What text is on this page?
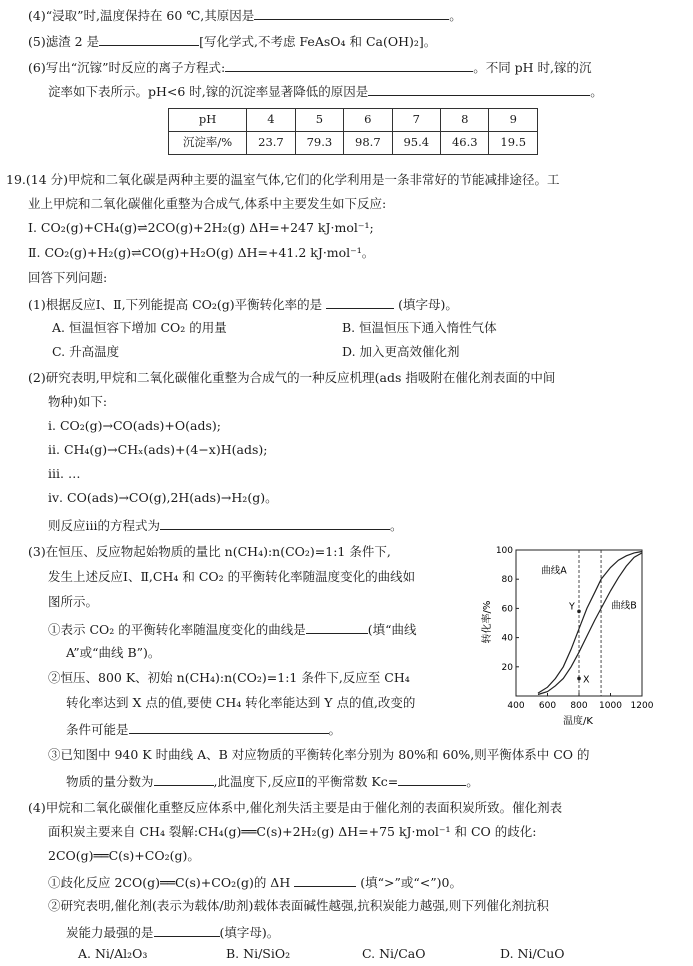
(4)“浸取”时,温度保持在 60 ℃,其原因是	。
(5)滤渣 2 是	[写化学式,不考虑 FeAsO₄ 和 Ca(OH)₂]。
(6)写出“沉镓”时反应的离子方程式:	。不同 pH 时,镓的沉
淀率如下表所示。pH<6 时,镓的沉淀率显著降低的原因是	。
pH	4	5	6	7	8	9
沉淀率/%	23.7	79.3	98.7	95.4	46.3	19.5
19.(14 分)甲烷和二氧化碳是两种主要的温室气体,它们的化学利用是一条非常好的节能减排途径。工
业上甲烷和二氧化碳催化重整为合成气,体系中主要发生如下反应:
Ⅰ. CO₂(g)+CH₄(g)⇌2CO(g)+2H₂(g) ΔH=+247 kJ·mol⁻¹;
Ⅱ. CO₂(g)+H₂(g)⇌CO(g)+H₂O(g) ΔH=+41.2 kJ·mol⁻¹。
回答下列问题:
(1)根据反应Ⅰ、Ⅱ,下列能提高 CO₂(g)平衡转化率的是	(填字母)。
A. 恒温恒容下增加 CO₂ 的用量	B. 恒温恒压下通入惰性气体
C. 升高温度	D. 加入更高效催化剂
(2)研究表明,甲烷和二氧化碳催化重整为合成气的一种反应机理(ads 指吸附在催化剂表面的中间
物种)如下:
ⅰ. CO₂(g)→CO(ads)+O(ads);
ⅱ. CH₄(g)→CHₓ(ads)+(4−x)H(ads);
ⅲ. …
ⅳ. CO(ads)→CO(g),2H(ads)→H₂(g)。
则反应ⅲ的方程式为	。
(3)在恒压、反应物起始物质的量比 n(CH₄):n(CO₂)=1:1 条件下,
发生上述反应Ⅰ、Ⅱ,CH₄ 和 CO₂ 的平衡转化率随温度变化的曲线如
图所示。
①表示 CO₂ 的平衡转化率随温度变化的曲线是	(填“曲线
A”或“曲线 B”)。
②恒压、800 K、初始 n(CH₄):n(CO₂)=1:1 条件下,反应至 CH₄
转化率达到 X 点的值,要使 CH₄ 转化率能达到 Y 点的值,改变的
条件可能是	。
③已知图中 940 K 时曲线 A、B 对应物质的平衡转化率分别为 80%和 60%,则平衡体系中 CO 的
物质的量分数为	,此温度下,反应Ⅱ的平衡常数 Kc=	。
(4)甲烷和二氧化碳催化重整反应体系中,催化剂失活主要是由于催化剂的表面积炭所致。催化剂表
面积炭主要来自 CH₄ 裂解:CH₄(g)══C(s)+2H₂(g) ΔH=+75 kJ·mol⁻¹ 和 CO 的歧化:
2CO(g)══C(s)+CO₂(g)。
①歧化反应 2CO(g)══C(s)+CO₂(g)的 ΔH	(填“>”或“<”)0。
②研究表明,催化剂(表示为载体/助剂)载体表面碱性越强,抗积炭能力越强,则下列催化剂抗积
炭能力最强的是	(填字母)。
A. Ni/Al₂O₃	B. Ni/SiO₂	C. Ni/CaO	D. Ni/CuO
400 600 800 1000 1200
20
40
60
80
100
曲线A
曲线B
Y
X
转化率/%
温度/K
